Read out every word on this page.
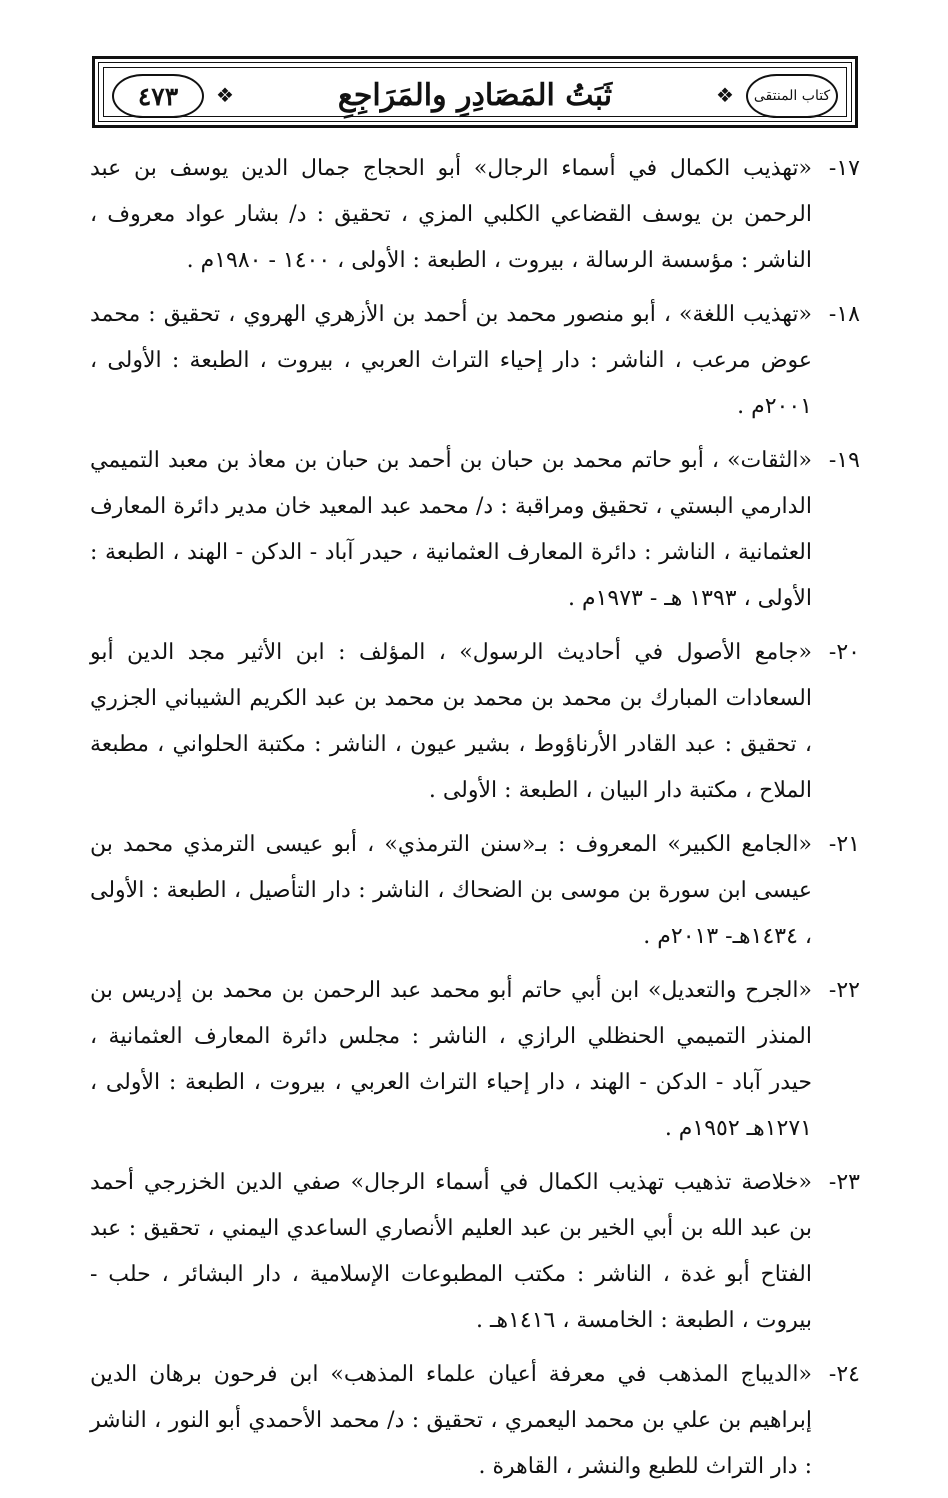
٤٧٣	❖	ثَبَتُ المَصَادِرِ والمَرَاجِعِ	❖	كتاب المنتقى
١٧-
«تهذيب الكمال في أسماء الرجال» أبو الحجاج جمال الدين يوسف بن عبد الرحمن بن يوسف القضاعي الكلبي المزي ، تحقيق : د/ بشار عواد معروف ، الناشر : مؤسسة الرسالة ، بيروت ، الطبعة : الأولى ، ١٤٠٠ - ١٩٨٠م .
١٨-
«تهذيب اللغة» ، أبو منصور محمد بن أحمد بن الأزهري الهروي ، تحقيق : محمد عوض مرعب ، الناشر : دار إحياء التراث العربي ، بيروت ، الطبعة : الأولى ، ٢٠٠١م .
١٩-
«الثقات» ، أبو حاتم محمد بن حبان بن أحمد بن حبان بن معاذ بن معبد التميمي الدارمي البستي ، تحقيق ومراقبة : د/ محمد عبد المعيد خان مدير دائرة المعارف العثمانية ، الناشر : دائرة المعارف العثمانية ، حيدر آباد - الدكن - الهند ، الطبعة : الأولى ، ١٣٩٣ هـ - ١٩٧٣م .
٢٠-
«جامع الأصول في أحاديث الرسول» ، المؤلف : ابن الأثير مجد الدين أبو السعادات المبارك بن محمد بن محمد بن محمد بن عبد الكريم الشيباني الجزري ، تحقيق : عبد القادر الأرناؤوط ، بشير عيون ، الناشر : مكتبة الحلواني ، مطبعة الملاح ، مكتبة دار البيان ، الطبعة : الأولى .
٢١-
«الجامع الكبير» المعروف : بـ«سنن الترمذي» ، أبو عيسى الترمذي محمد بن عيسى ابن سورة بن موسى بن الضحاك ، الناشر : دار التأصيل ، الطبعة : الأولى ، ١٤٣٤هـ- ٢٠١٣م .
٢٢-
«الجرح والتعديل» ابن أبي حاتم أبو محمد عبد الرحمن بن محمد بن إدريس بن المنذر التميمي الحنظلي الرازي ، الناشر : مجلس دائرة المعارف العثمانية ، حيدر آباد - الدكن - الهند ، دار إحياء التراث العربي ، بيروت ، الطبعة : الأولى ، ١٢٧١هـ ١٩٥٢م .
٢٣-
«خلاصة تذهيب تهذيب الكمال في أسماء الرجال» صفي الدين الخزرجي أحمد بن عبد الله بن أبي الخير بن عبد العليم الأنصاري الساعدي اليمني ، تحقيق : عبد الفتاح أبو غدة ، الناشر : مكتب المطبوعات الإسلامية ، دار البشائر ، حلب - بيروت ، الطبعة : الخامسة ، ١٤١٦هـ .
٢٤-
«الديباج المذهب في معرفة أعيان علماء المذهب» ابن فرحون برهان الدين إبراهيم بن علي بن محمد اليعمري ، تحقيق : د/ محمد الأحمدي أبو النور ، الناشر : دار التراث للطبع والنشر ، القاهرة .
